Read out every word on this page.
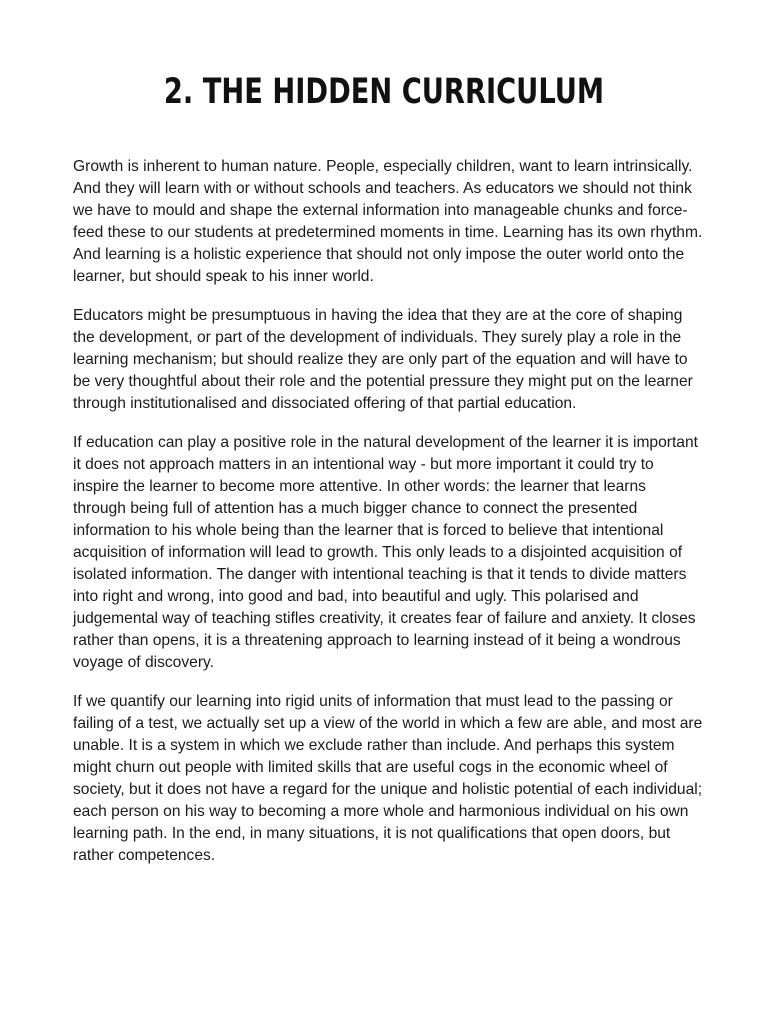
2. THE HIDDEN CURRICULUM

Growth is inherent to human nature. People, especially children, want to learn intrinsically. And they will learn with or without schools and teachers. As educators we should not think we have to mould and shape the external information into manageable chunks and force-feed these to our students at predetermined moments in time. Learning has its own rhythm. And learning is a holistic experience that should not only impose the outer world onto the learner, but should speak to his inner world.

Educators might be presumptuous in having the idea that they are at the core of shaping the development, or part of the development of individuals. They surely play a role in the learning mechanism; but should realize they are only part of the equation and will have to be very thoughtful about their role and the potential pressure they might put on the learner through institutionalised and dissociated offering of that partial education.

If education can play a positive role in the natural development of the learner it is important it does not approach matters in an intentional way - but more important it could try to inspire the learner to become more attentive. In other words: the learner that learns through being full of attention has a much bigger chance to connect the presented information to his whole being than the learner that is forced to believe that intentional acquisition of information will lead to growth. This only leads to a disjointed acquisition of isolated information. The danger with intentional teaching is that it tends to divide matters into right and wrong, into good and bad, into beautiful and ugly. This polarised and judgemental way of teaching stifles creativity, it creates fear of failure and anxiety. It closes rather than opens, it is a threatening approach to learning instead of it being a wondrous voyage of discovery.

If we quantify our learning into rigid units of information that must lead to the passing or failing of a test, we actually set up a view of the world in which a few are able, and most are unable. It is a system in which we exclude rather than include. And perhaps this system might churn out people with limited skills that are useful cogs in the economic wheel of society, but it does not have a regard for the unique and holistic potential of each individual; each person on his way to becoming a more whole and harmonious individual on his own learning path. In the end, in many situations, it is not qualifications that open doors, but rather competences.
